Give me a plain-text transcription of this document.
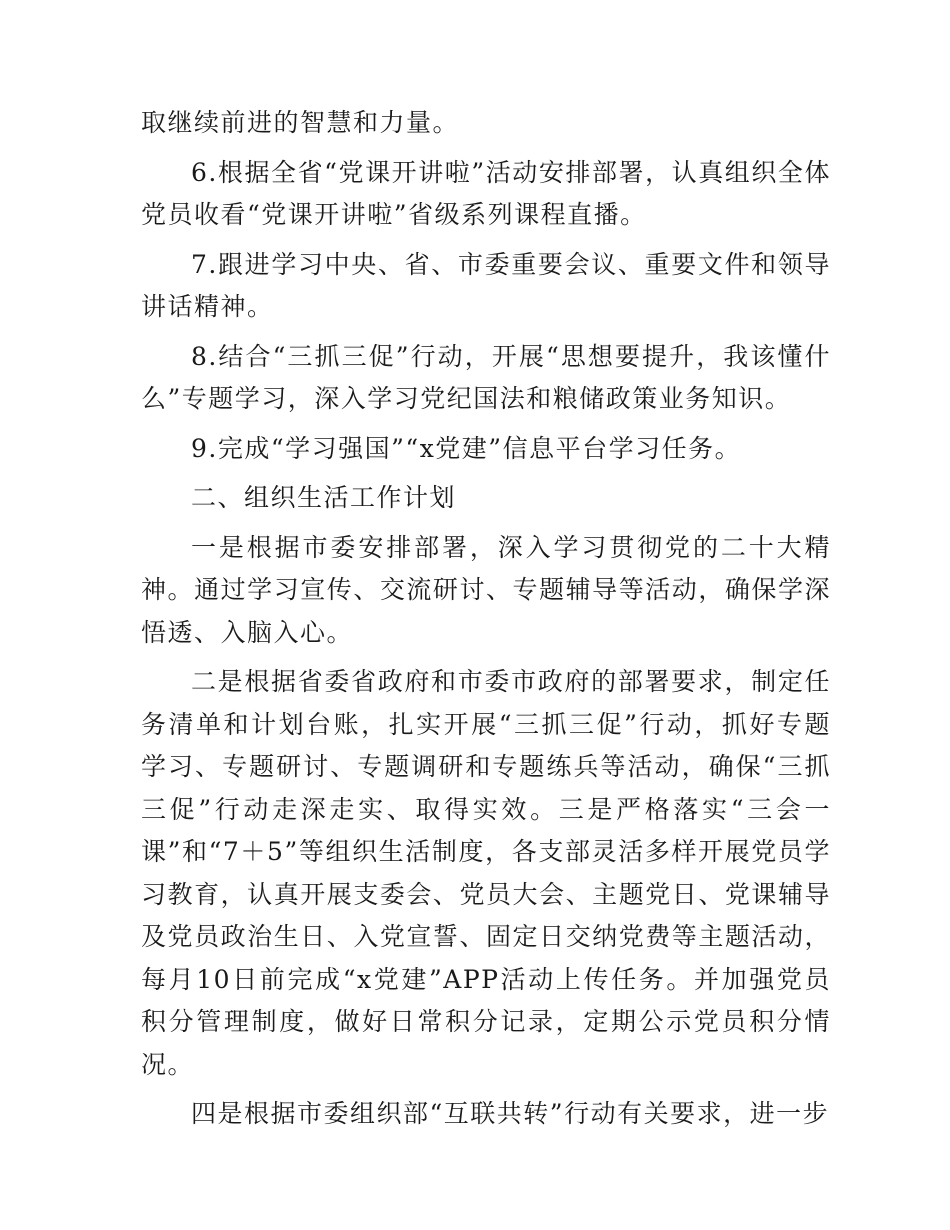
取继续前进的智慧和力量。

6.根据全省“党课开讲啦”活动安排部署，认真组织全体党员收看“党课开讲啦”省级系列课程直播。

7.跟进学习中央、省、市委重要会议、重要文件和领导讲话精神。

8.结合“三抓三促”行动，开展“思想要提升，我该懂什么”专题学习，深入学习党纪国法和粮储政策业务知识。

9.完成“学习强国”“x党建”信息平台学习任务。

二、组织生活工作计划

一是根据市委安排部署，深入学习贯彻党的二十大精神。通过学习宣传、交流研讨、专题辅导等活动，确保学深悟透、入脑入心。

二是根据省委省政府和市委市政府的部署要求，制定任务清单和计划台账，扎实开展“三抓三促”行动，抓好专题学习、专题研讨、专题调研和专题练兵等活动，确保“三抓三促”行动走深走实、取得实效。三是严格落实“三会一课”和“7＋5”等组织生活制度，各支部灵活多样开展党员学习教育，认真开展支委会、党员大会、主题党日、党课辅导及党员政治生日、入党宣誓、固定日交纳党费等主题活动，每月10日前完成“x党建”APP活动上传任务。并加强党员积分管理制度，做好日常积分记录，定期公示党员积分情况。

四是根据市委组织部“互联共转”行动有关要求，进一步
